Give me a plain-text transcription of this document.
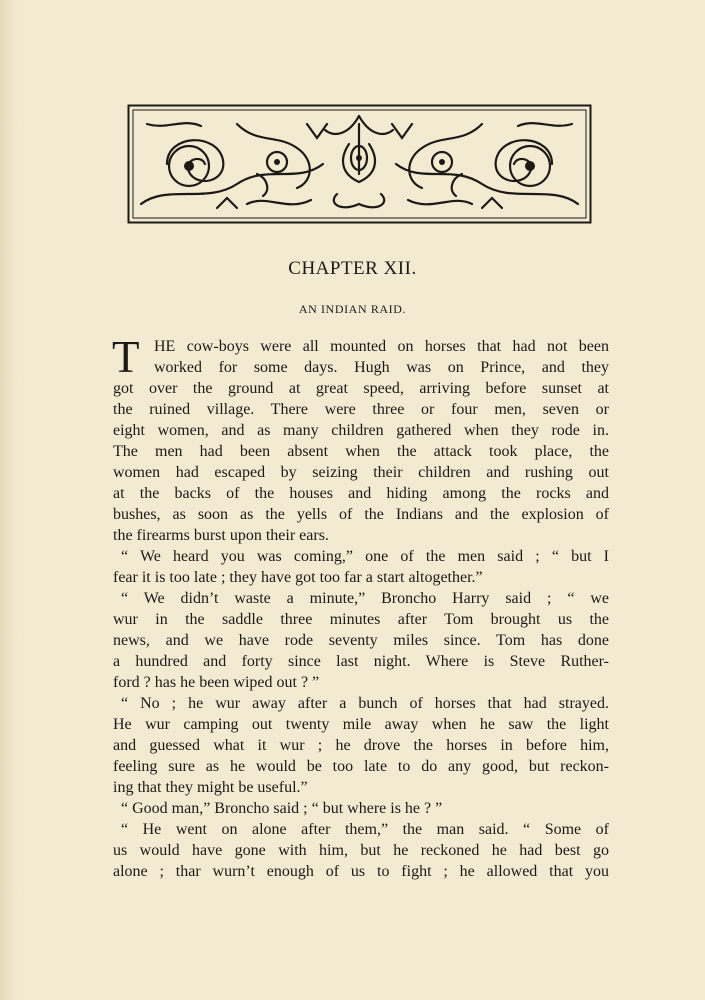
CHAPTER XII.
AN INDIAN RAID.
T HE cow-boys were all mounted on horses that had not been
worked for some days. Hugh was on Prince, and they
got over the ground at great speed, arriving before sunset at
the ruined village. There were three or four men, seven or
eight women, and as many children gathered when they rode in.
The men had been absent when the attack took place, the
women had escaped by seizing their children and rushing out
at the backs of the houses and hiding among the rocks and
bushes, as soon as the yells of the Indians and the explosion of
the firearms burst upon their ears.
“ We heard you was coming,” one of the men said ; “ but I
fear it is too late ; they have got too far a start altogether.”
“ We didn’t waste a minute,” Broncho Harry said ; “ we
wur in the saddle three minutes after Tom brought us the
news, and we have rode seventy miles since. Tom has done
a hundred and forty since last night. Where is Steve Ruther-
ford ? has he been wiped out ? ”
“ No ; he wur away after a bunch of horses that had strayed.
He wur camping out twenty mile away when he saw the light
and guessed what it wur ; he drove the horses in before him,
feeling sure as he would be too late to do any good, but reckon-
ing that they might be useful.”
“ Good man,” Broncho said ; “ but where is he ? ”
“ He went on alone after them,” the man said. “ Some of
us would have gone with him, but he reckoned he had best go
alone ; thar wurn’t enough of us to fight ; he allowed that you
